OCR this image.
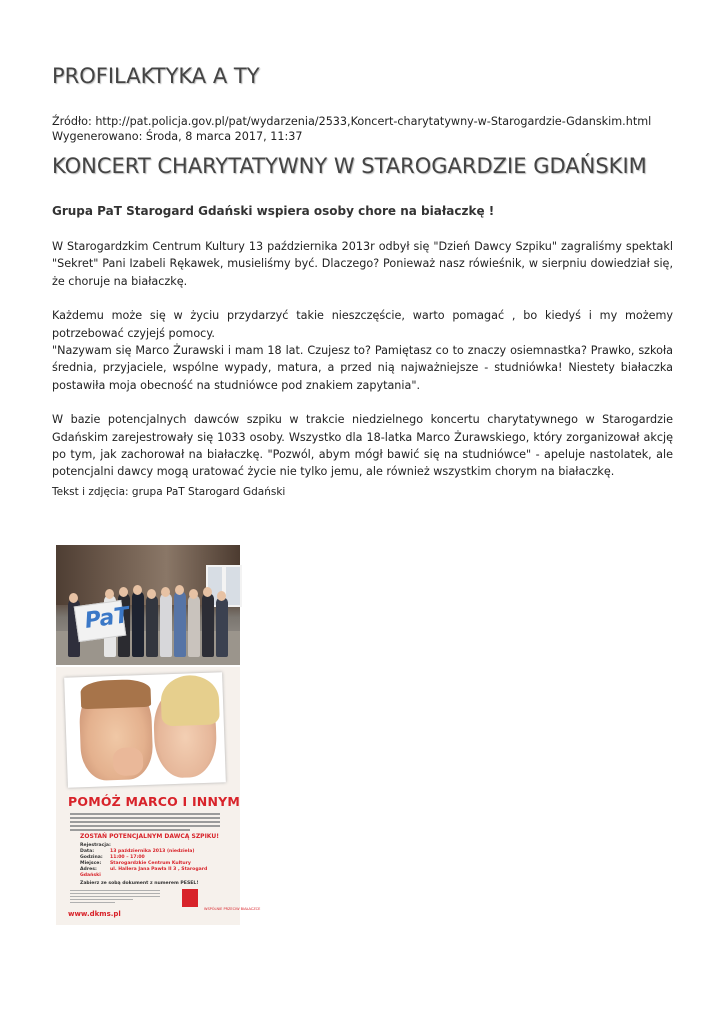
PROFILAKTYKA A TY
Źródło: http://pat.policja.gov.pl/pat/wydarzenia/2533,Koncert-charytatywny-w-Starogardzie-Gdanskim.html
Wygenerowano: Środa, 8 marca 2017, 11:37
KONCERT CHARYTATYWNY W STAROGARDZIE GDAŃSKIM
Grupa PaT Starogard Gdański wspiera osoby chore na białaczkę !

W Starogardzkim Centrum Kultury 13 października 2013r odbył się "Dzień Dawcy Szpiku" zagraliśmy spektakl "Sekret" Pani Izabeli Rękawek, musieliśmy być. Dlaczego? Ponieważ nasz rówieśnik, w sierpniu dowiedział się, że choruje na białaczkę.

Każdemu może się w życiu przydarzyć takie nieszczęście, warto pomagać , bo kiedyś i my możemy potrzebować czyjejś pomocy.

"Nazywam się Marco Żurawski i mam 18 lat. Czujesz to? Pamiętasz co to znaczy osiemnastka? Prawko, szkoła średnia, przyjaciele, wspólne wypady, matura, a przed nią najważniejsze - studniówka! Niestety białaczka postawiła moja obecność na studniówce pod znakiem zapytania".

W bazie potencjalnych dawców szpiku w trakcie niedzielnego koncertu charytatywnego w Starogardzie Gdańskim zarejestrowały się 1033 osoby. Wszystko dla 18-latka Marco Żurawskiego, który zorganizował akcję po tym, jak zachorował na białaczkę. "Pozwól, abym mógł bawić się na studniówce" - apeluje nastolatek, ale potencjalni dawcy mogą uratować życie nie tylko jemu, ale również wszystkim chorym na białaczkę.

Tekst i zdjęcia: grupa PaT Starogard Gdański
PaT
POMÓŻ MARCO I INNYM
ZOSTAŃ POTENCJALNYM DAWCĄ SZPIKU!
Rejestracja:
Data:	13 października 2013 (niedziela)
Godzina: 11:00 – 17:00
Miejsce: Starogardzkie Centrum Kultury
Adres:	ul. Hallera Jana Pawła II 3 , Starogard Gdański
Zabierz ze sobą dokument z numerem PESEL!
WSPÓLNIE PRZECIW BIAŁACZCE
www.dkms.pl
